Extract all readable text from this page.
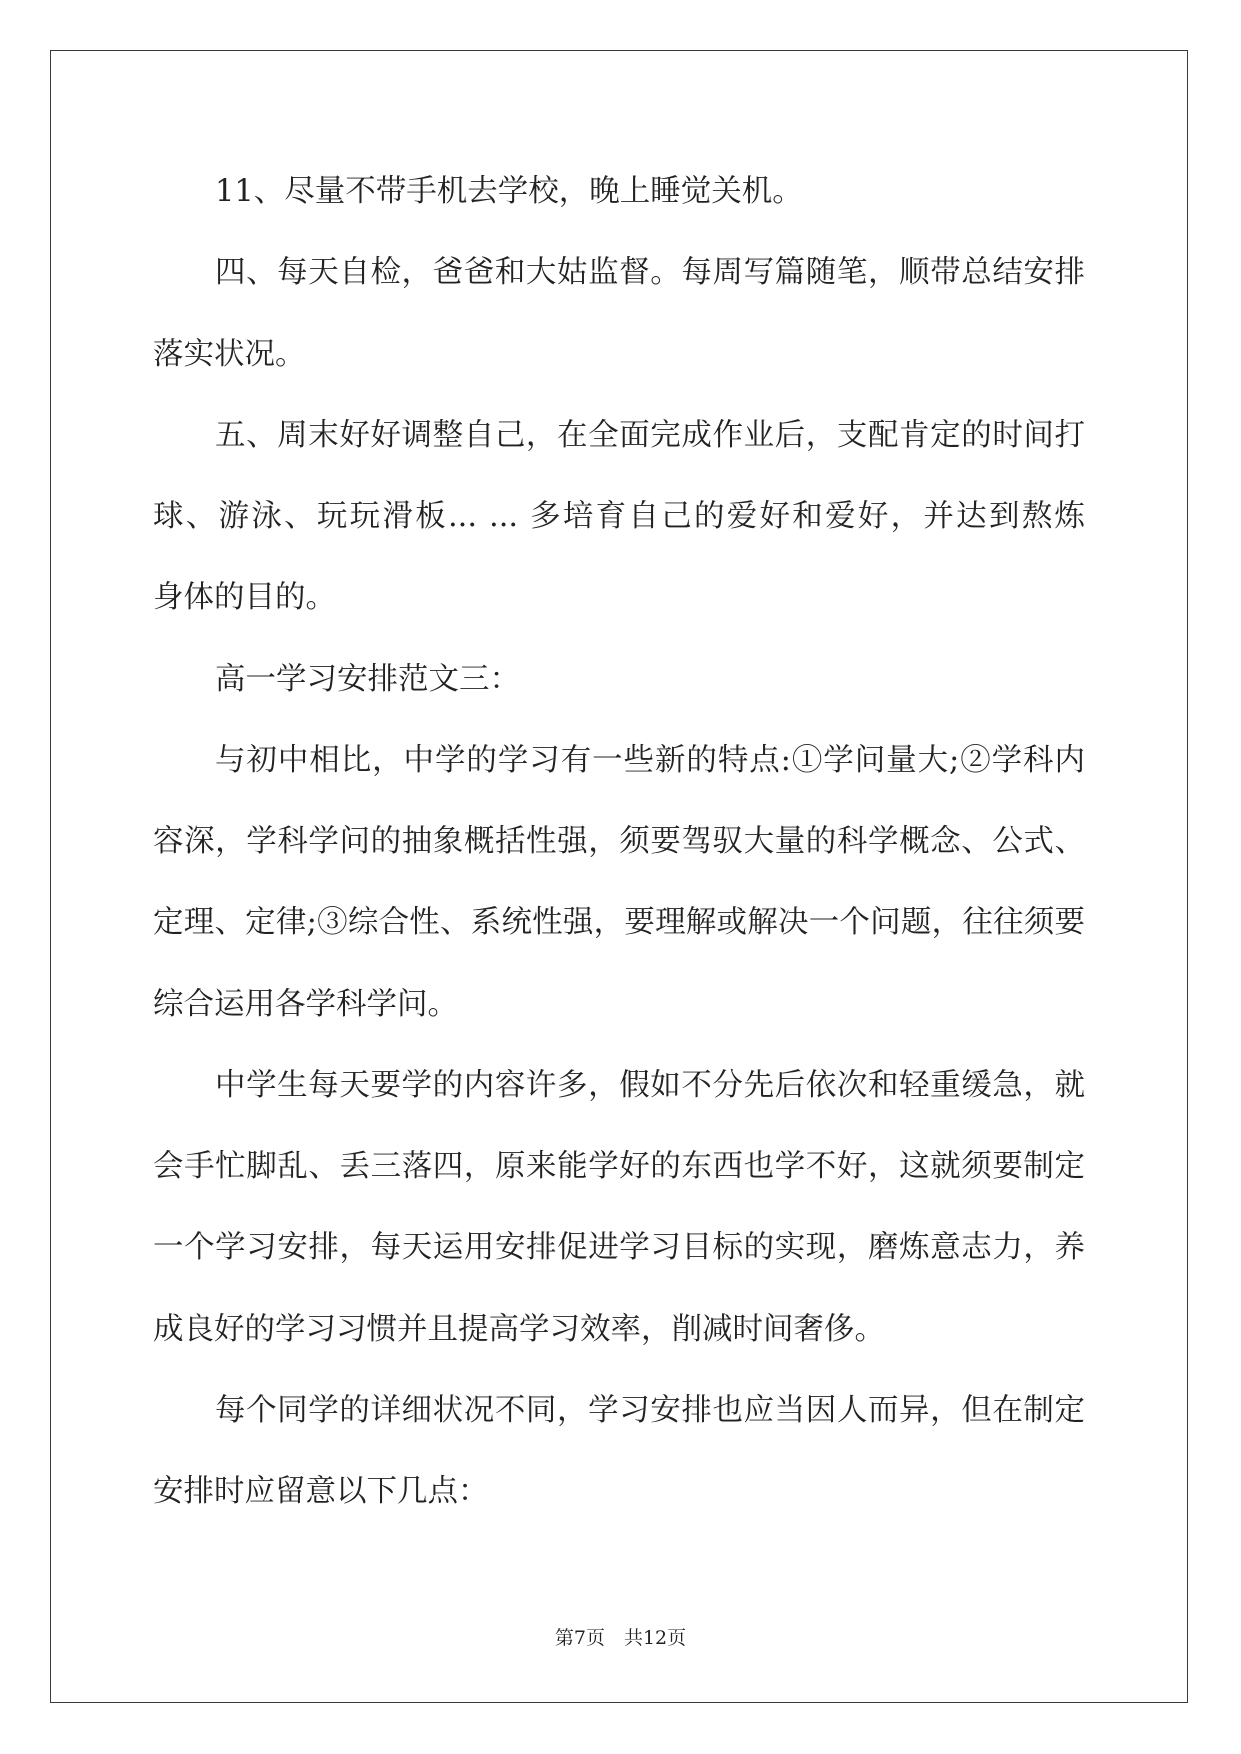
11、尽量不带手机去学校，晚上睡觉关机。
四、每天自检，爸爸和大姑监督。每周写篇随笔，顺带总结安排
落实状况。
五、周末好好调整自己，在全面完成作业后，支配肯定的时间打
球、游泳、玩玩滑板... ... 多培育自己的爱好和爱好，并达到熬炼
身体的目的。
高一学习安排范文三：
与初中相比，中学的学习有一些新的特点:①学问量大;②学科内
容深，学科学问的抽象概括性强，须要驾驭大量的科学概念、公式、
定理、定律;③综合性、系统性强，要理解或解决一个问题，往往须要
综合运用各学科学问。
中学生每天要学的内容许多，假如不分先后依次和轻重缓急，就
会手忙脚乱、丢三落四，原来能学好的东西也学不好，这就须要制定
一个学习安排，每天运用安排促进学习目标的实现，磨炼意志力，养
成良好的学习习惯并且提高学习效率，削减时间奢侈。
每个同学的详细状况不同，学习安排也应当因人而异，但在制定
安排时应留意以下几点：
第7页　共12页
